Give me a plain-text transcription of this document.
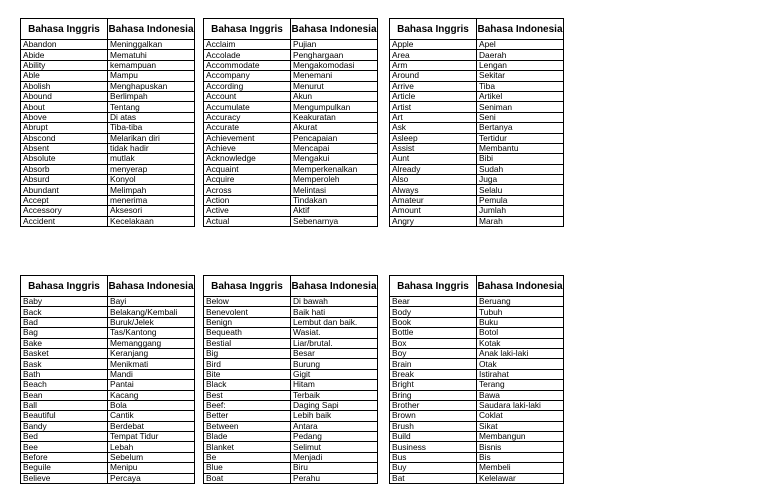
Bahasa Inggris	Bahasa Indonesia
Abandon	Meninggalkan
Abide	Mematuhi
Ability	kemampuan
Able	Mampu
Abolish	Menghapuskan
Abound	Berlimpah
About	Tentang
Above	Di atas
Abrupt	Tiba-tiba
Abscond	Melarikan diri
Absent	tidak hadir
Absolute	mutlak
Absorb	menyerap
Absurd	Konyol
Abundant	Melimpah
Accept	menerima
Accessory	Aksesori
Accident	Kecelakaan
Bahasa Inggris	Bahasa Indonesia
Acclaim	Pujian
Accolade	Penghargaan
Accommodate	Mengakomodasi
Accompany	Menemani
According	Menurut
Account	Akun
Accumulate	Mengumpulkan
Accuracy	Keakuratan
Accurate	Akurat
Achievement	Pencapaian
Achieve	Mencapai
Acknowledge	Mengakui
Acquaint	Memperkenalkan
Acquire	Memperoleh
Across	Melintasi
Action	Tindakan
Active	Aktif
Actual	Sebenarnya
Bahasa Inggris	Bahasa Indonesia
Apple	Apel
Area	Daerah
Arm	Lengan
Around	Sekitar
Arrive	Tiba
Article	Artikel
Artist	Seniman
Art	Seni
Ask	Bertanya
Asleep	Tertidur
Assist	Membantu
Aunt	Bibi
Already	Sudah
Also	Juga
Always	Selalu
Amateur	Pemula
Amount	Jumlah
Angry	Marah
Bahasa Inggris	Bahasa Indonesia
Baby	Bayi
Back	Belakang/Kembali
Bad	Buruk/Jelek
Bag	Tas/Kantong
Bake	Memanggang
Basket	Keranjang
Bask	Menikmati
Bath	Mandi
Beach	Pantai
Bean	Kacang
Ball	Bola
Beautiful	Cantik
Bandy	Berdebat
Bed	Tempat Tidur
Bee	Lebah
Before	Sebelum
Beguile	Menipu
Believe	Percaya
Bahasa Inggris	Bahasa Indonesia
Below	Di bawah
Benevolent	Baik hati
Benign	Lembut dan baik.
Bequeath	Wasiat.
Bestial	Liar/brutal.
Big	Besar
Bird	Burung
Bite	Gigit
Black	Hitam
Best	Terbaik
Beef:	Daging Sapi
Better	Lebih baik
Between	Antara
Blade	Pedang
Blanket	Selimut
Be	Menjadi
Blue	Biru
Boat	Perahu
Bahasa Inggris	Bahasa Indonesia
Bear	Beruang
Body	Tubuh
Book	Buku
Bottle	Botol
Box	Kotak
Boy	Anak laki-laki
Brain	Otak
Break	Istirahat
Bright	Terang
Bring	Bawa
Brother	Saudara laki-laki
Brown	Coklat
Brush	Sikat
Build	Membangun
Business	Bisnis
Bus	Bis
Buy	Membeli
Bat	Kelelawar
